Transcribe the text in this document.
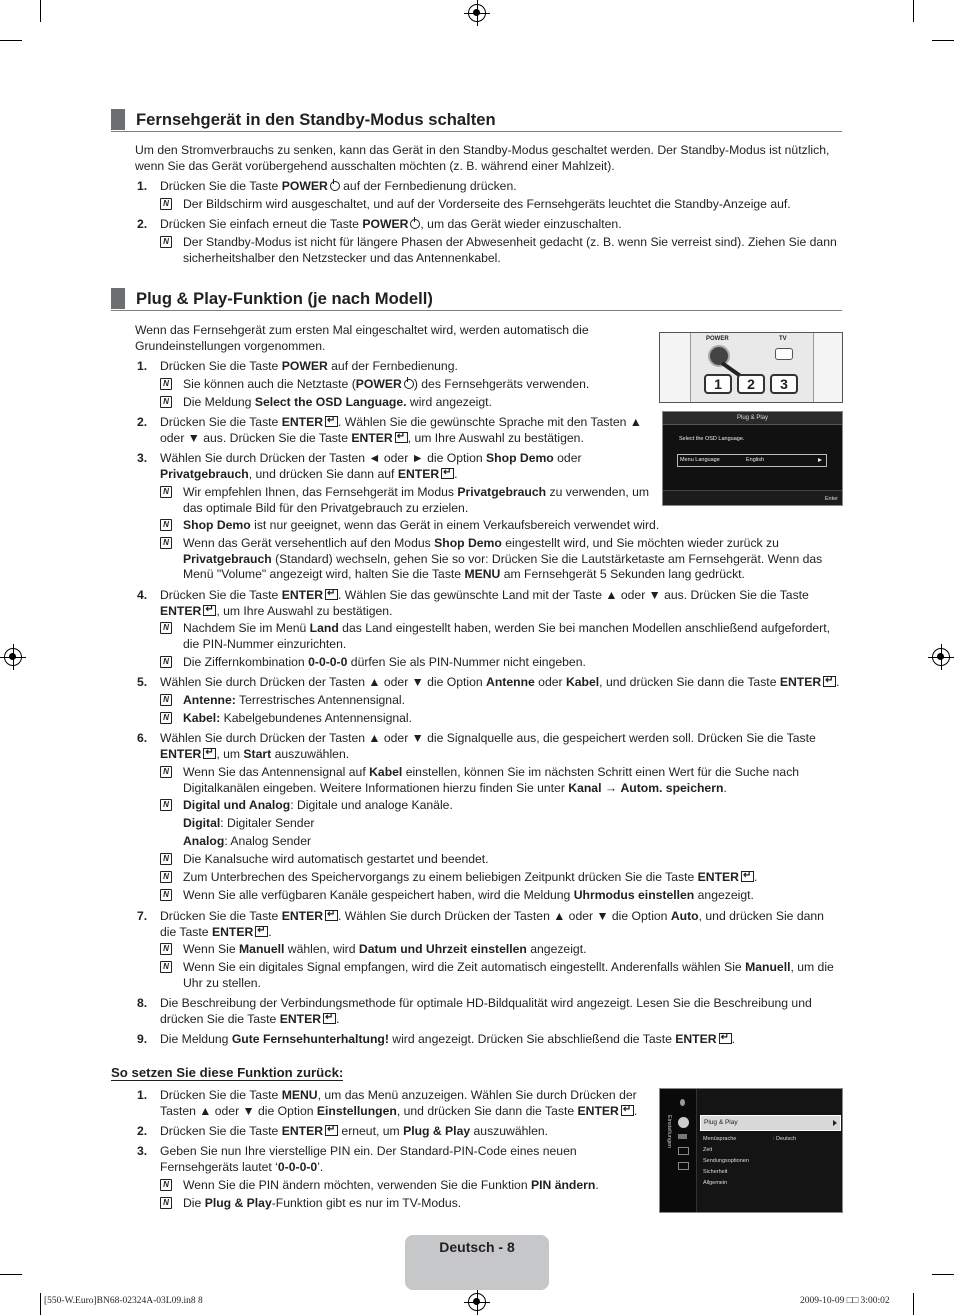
Fernsehgerät in den Standby-Modus schalten
Um den Stromverbrauchs zu senken, kann das Gerät in den Standby-Modus geschaltet werden. Der Standby-Modus ist nützlich, wenn Sie das Gerät vorübergehend ausschalten möchten (z. B. während einer Mahlzeit).
1. Drücken Sie die Taste POWER auf der Fernbedienung drücken.
N Der Bildschirm wird ausgeschaltet, und auf der Vorderseite des Fernsehgeräts leuchtet die Standby-Anzeige auf.
2. Drücken Sie einfach erneut die Taste POWER , um das Gerät wieder einzuschalten.
N Der Standby-Modus ist nicht für längere Phasen der Abwesenheit gedacht (z. B. wenn Sie verreist sind). Ziehen Sie dann sicherheitshalber den Netzstecker und das Antennenkabel.
Plug & Play-Funktion (je nach Modell)
Wenn das Fernsehgerät zum ersten Mal eingeschaltet wird, werden automatisch die Grundeinstellungen vorgenommen.	POWER	TV
1	2	3
1. Drücken Sie die Taste POWER auf der Fernbedienung.
N Sie können auch die Netztaste (POWER ) des Fernsehgeräts verwenden.
N Die Meldung Select the OSD Language. wird angezeigt.
Plug & Play
Select the OSD Language.
Menu Language	English
Enter
2. Drücken Sie die Taste ENTER ↵ . Wählen Sie die gewünschte Sprache mit den Tasten ▲ oder ▼ aus. Drücken Sie die Taste ENTER ↵ , um Ihre Auswahl zu bestätigen.
3. Wählen Sie durch Drücken der Tasten ◄ oder ► die Option Shop Demo oder Privatgebrauch, und drücken Sie dann auf ENTER ↵ .
N Wir empfehlen Ihnen, das Fernsehgerät im Modus Privatgebrauch zu verwenden, um das optimale Bild für den Privatgebrauch zu erzielen.
N Shop Demo ist nur geeignet, wenn das Gerät in einem Verkaufsbereich verwendet wird.
N Wenn das Gerät versehentlich auf den Modus Shop Demo eingestellt wird, und Sie möchten wieder zurück zu Privatgebrauch (Standard) wechseln, gehen Sie so vor: Drücken Sie die Lautstärketaste am Fernsehgerät. Wenn das Menü "Volume" angezeigt wird, halten Sie die Taste MENU am Fernsehgerät 5 Sekunden lang gedrückt.
4. Drücken Sie die Taste ENTER ↵ . Wählen Sie das gewünschte Land mit der Taste ▲ oder ▼ aus. Drücken Sie die Taste ENTER ↵ , um Ihre Auswahl zu bestätigen.
N Nachdem Sie im Menü Land das Land eingestellt haben, werden Sie bei manchen Modellen anschließend aufgefordert, die PIN-Nummer einzurichten.
N Die Ziffernkombination 0-0-0-0 dürfen Sie als PIN-Nummer nicht eingeben.
5. Wählen Sie durch Drücken der Tasten ▲ oder ▼ die Option Antenne oder Kabel, und drücken Sie dann die Taste ENTER ↵ .
N Antenne: Terrestrisches Antennensignal.
N Kabel: Kabelgebundenes Antennensignal.
6. Wählen Sie durch Drücken der Tasten ▲ oder ▼ die Signalquelle aus, die gespeichert werden soll. Drücken Sie die Taste ENTER ↵ , um Start auszuwählen.
N Wenn Sie das Antennensignal auf Kabel einstellen, können Sie im nächsten Schritt einen Wert für die Suche nach Digitalkanälen eingeben. Weitere Informationen hierzu finden Sie unter Kanal → Autom. speichern.
N Digital und Analog: Digitale und analoge Kanäle.
Digital: Digitaler Sender
Analog: Analog Sender
N Die Kanalsuche wird automatisch gestartet und beendet.
N Zum Unterbrechen des Speichervorgangs zu einem beliebigen Zeitpunkt drücken Sie die Taste ENTER ↵ .
N Wenn Sie alle verfügbaren Kanäle gespeichert haben, wird die Meldung Uhrmodus einstellen angezeigt.
7. Drücken Sie die Taste ENTER ↵ . Wählen Sie durch Drücken der Tasten ▲ oder ▼ die Option Auto, und drücken Sie dann die Taste ENTER ↵ .
N Wenn Sie Manuell wählen, wird Datum und Uhrzeit einstellen angezeigt.
N Wenn Sie ein digitales Signal empfangen, wird die Zeit automatisch eingestellt. Anderenfalls wählen Sie Manuell, um die Uhr zu stellen.
8. Die Beschreibung der Verbindungsmethode für optimale HD-Bildqualität wird angezeigt. Lesen Sie die Beschreibung und drücken Sie die Taste ENTER ↵ .
9. Die Meldung Gute Fernsehunterhaltung! wird angezeigt. Drücken Sie abschließend die Taste ENTER ↵ .
So setzen Sie diese Funktion zurück:
1. Drücken Sie die Taste MENU, um das Menü anzuzeigen. Wählen Sie durch Drücken der Tasten ▲ oder ▼ die Option Einstellungen, und drücken Sie dann die Taste ENTER ↵ .
2. Drücken Sie die Taste ENTER↵ erneut, um Plug & Play auszuwählen.
3. Geben Sie nun Ihre vierstellige PIN ein. Der Standard-PIN-Code eines neuen Fernsehgeräts lautet ‘0-0-0-0’.
N Wenn Sie die PIN ändern möchten, verwenden Sie die Funktion PIN ändern.
N Die Plug & Play-Funktion gibt es nur im TV-Modus.
Einstellungen	Plug & Play
Menüsprache	: Deutsch
Zeit
Sendungsoptionen
Sicherheit
Allgemein
Deutsch - 8
[550-W.Euro]BN68-02324A-03L09.in8 8	2009-10-09 □□ 3:00:02
